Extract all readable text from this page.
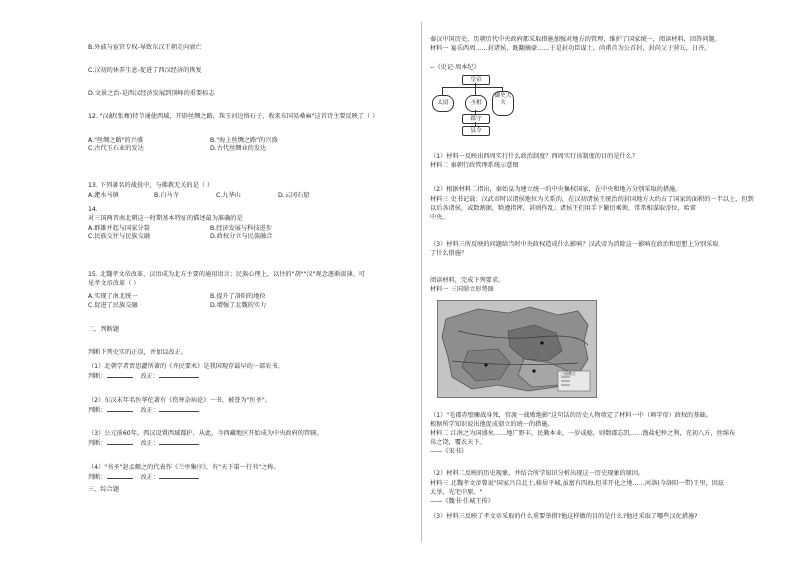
B.外戚与宦官专权-导致东汉王朝走向衰亡
C.汉初的休养生息-促进了西汉经济的恢复
D.文景之治-是西汉经济发展到顶峰的重要标志
12. "汉献(张骞)持节通使西域，开辟丝绸之路，珠玉河边络石子，收来东国易桑麻"这首诗主要反映了（ ）
A."丝绸之路"的兴盛	B."海上丝绸之路"的兴盛
C.古代玉石业的发达	D.古代丝绸业的发达
13. 下列著名的战役中，与佛教无关的是（ ）
A.淝水马镇	B.白马寺	C.九华山	D.云冈石窟
14.
对三国两晋南北朝这一时期基本特征的描述最为准确的是
A.群雄并起与国家分裂	B.经济发展与科技进步
C.民族交往与民族交融	D.政权分立与民族融合
15. 北魏孝文帝改革，汉语成为北方主要的通用语言；民族心理上，以往的"胡""汉"观念逐渐淡薄。可
见孝文帝改革（ ）
A.实现了南北统一	B.提升了洛阳的地位
C.促进了民族交融	D.增强了北魏的实力
二、判断题
判断下列史实的正误，并加以改正。
（1）北朝学者贾思勰所著的《齐民要术》是我国现存最早的一部农书。
判断：	改正：
（2）东汉末年名医华佗著有《伤寒杂病论》一书，被誉为"医圣"。
判断：	改正：
（3）公元前60年，西汉设置西域都护，从此，今西藏地区开始成为中央政府的管辖。
判断：	改正：
（4）"书圣"赵孟頫之的代表作《兰亭集序》，有"天下第一行书"之称。
判断：	改正：
三、综合题
秦汉中国历史，历朝历代中央政府都采取措施加强对地方的管理，维护了国家统一，阅读材料，回答问题。
材料一 宴乐西周……封诸侯，既翻摘豪……于是封功臣谋士，尚甫首为公首封，封尚父于营丘，日齐。
--《史记·周本纪》
皇帝
太尉	丞相
御史大夫
郡守
县令
（1）材料一反映出西周实行什么政治制度？西周实行该制度的目的是什么？
材料二 秦朝行政管理系统示意图
（2）根据材料二指出，秦始皇为建立统一的中央集权国家，在中央和地方分别采取的措施。
材料三 史书记载：汉武帝时以诸侯地位为关系的，在汉初诸侯王统治的封国地方大约占了国家的面积的一半以上，但到
以后各诸侯，或数割据，犄遵指挥，甚则作乱；诸侯王们用手下繁衍乘领，常常相谋取帝位，哈雷
中央。
（3）材料三所反映的问题给当时中央政权造成什么影响？汉武帝为消除这一影响在政治和思想上分别采取
了什么措施？
阅读材料，完成下列要求。
材料一 三国鼎立形势图
三国鼎立
（1）"毛郡赤壁鏖战身死，官渡一战败地影"这句话的历史人物奠定了材料一中（填字母）政权的基础。
根据所学知识说出他促成鼎立的统一的措施。
材料二 江南之为国盛矣……地广野丰，民勤本业，一岁或稔，则数郡忘饥……渔盐杞梓之利，充初八方，丝绵布
帛之饶，覆衣天下。
——《宋书》
（2）材料二反映的历史现象，并结合所学知识分析出现这一历史现象的原因。
材料三 北魏孝文帝曾说"国家兴自北土,移居平城,虽富有四海,但非开化之地……河洛(今洛阳一带)王里，因兹
大举，光宅中原。"
——《魏书·任城王传》
（3）材料三反映了孝文帝采取的什么重要举措?他这样做的目的是什么?他还采取了哪些汉化措施?
